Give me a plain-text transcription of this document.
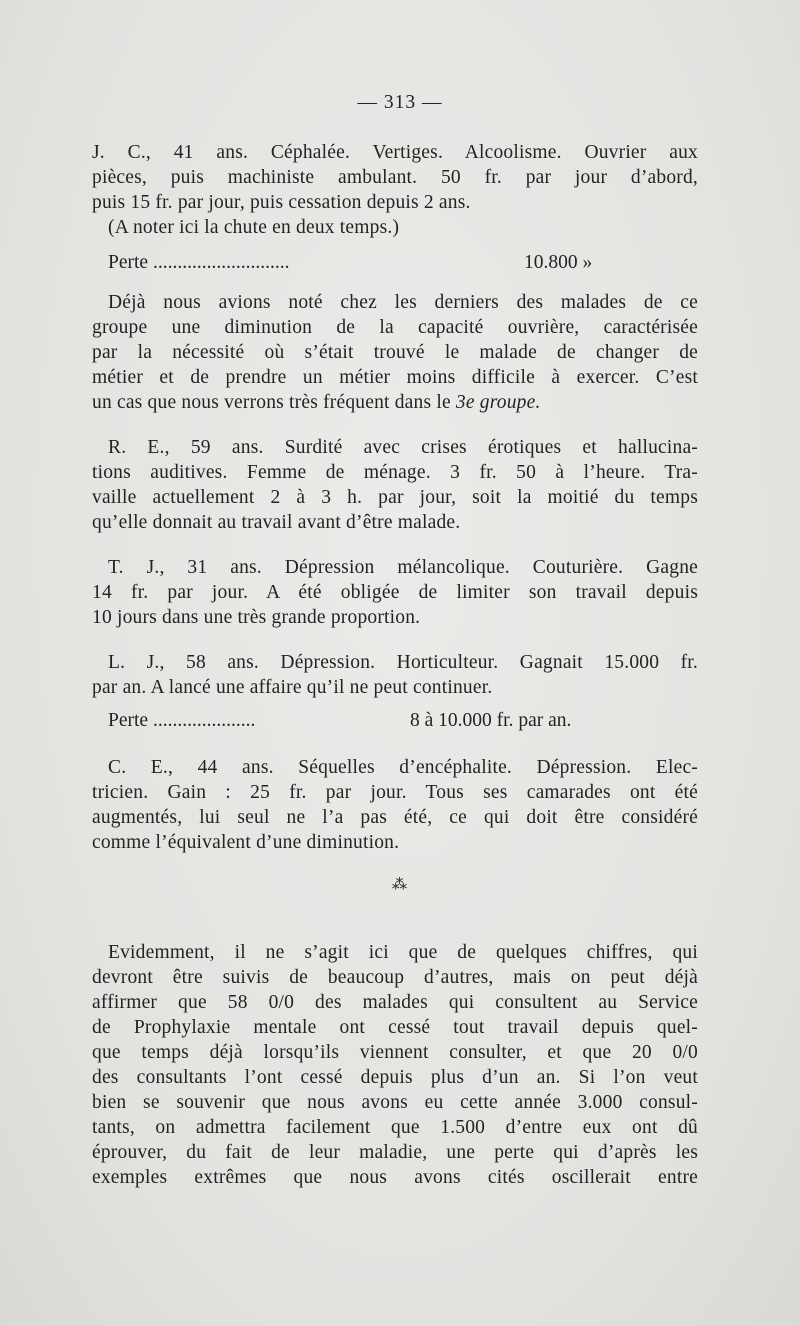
— 313 —
J. C., 41 ans. Céphalée. Vertiges. Alcoolisme. Ouvrier aux
pièces, puis machiniste ambulant. 50 fr. par jour d’abord,
puis 15 fr. par jour, puis cessation depuis 2 ans.
(A noter ici la chute en deux temps.)
Perte ............................	10.800 »
Déjà nous avions noté chez les derniers des malades de ce
groupe une diminution de la capacité ouvrière, caractérisée
par la nécessité où s’était trouvé le malade de changer de
métier et de prendre un métier moins difficile à exercer. C’est
un cas que nous verrons très fréquent dans le 3e groupe.
R. E., 59 ans. Surdité avec crises érotiques et hallucina-
tions auditives. Femme de ménage. 3 fr. 50 à l’heure. Tra-
vaille actuellement 2 à 3 h. par jour, soit la moitié du temps
qu’elle donnait au travail avant d’être malade.
T. J., 31 ans. Dépression mélancolique. Couturière. Gagne
14 fr. par jour. A été obligée de limiter son travail depuis
10 jours dans une très grande proportion.
L. J., 58 ans. Dépression. Horticulteur. Gagnait 15.000 fr.
par an. A lancé une affaire qu’il ne peut continuer.
Perte .....................	8 à 10.000 fr. par an.
C. E., 44 ans. Séquelles d’encéphalite. Dépression. Elec-
tricien. Gain : 25 fr. par jour. Tous ses camarades ont été
augmentés, lui seul ne l’a pas été, ce qui doit être considéré
comme l’équivalent d’une diminution.
⁂
Evidemment, il ne s’agit ici que de quelques chiffres, qui
devront être suivis de beaucoup d’autres, mais on peut déjà
affirmer que 58 0/0 des malades qui consultent au Service
de Prophylaxie mentale ont cessé tout travail depuis quel-
que temps déjà lorsqu’ils viennent consulter, et que 20 0/0
des consultants l’ont cessé depuis plus d’un an. Si l’on veut
bien se souvenir que nous avons eu cette année 3.000 consul-
tants, on admettra facilement que 1.500 d’entre eux ont dû
éprouver, du fait de leur maladie, une perte qui d’après les
exemples extrêmes que nous avons cités oscillerait entre
